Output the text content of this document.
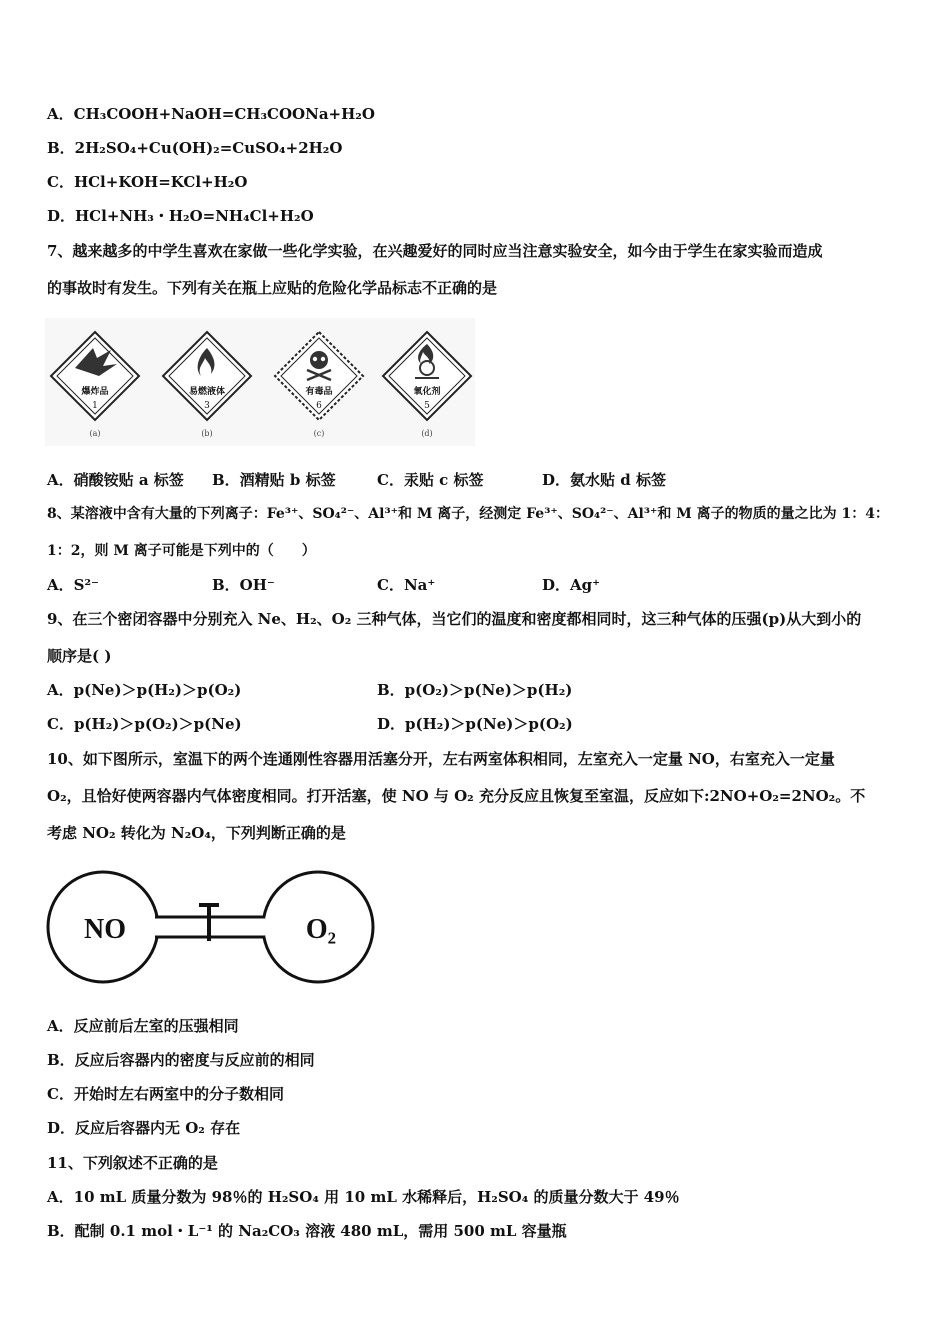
A．CH₃COOH+NaOH=CH₃COONa+H₂O
B．2H₂SO₄+Cu(OH)₂=CuSO₄+2H₂O
C．HCl+KOH=KCl+H₂O
D．HCl+NH₃・H₂O=NH₄Cl+H₂O
7、越来越多的中学生喜欢在家做一些化学实验，在兴趣爱好的同时应当注意实验安全，如今由于学生在家实验而造成
的事故时有发生。下列有关在瓶上应贴的危险化学品标志不正确的是
爆炸品
1
(a)
易燃液体
3
(b)
有毒品
6
(c)
氧化剂
5
(d)
A．硝酸铵贴 a 标签 B．酒精贴 b 标签	C．汞贴 c 标签	D．氨水贴 d 标签
8、某溶液中含有大量的下列离子：Fe³⁺、SO₄²⁻、Al³⁺和 M 离子，经测定 Fe³⁺、SO₄²⁻、Al³⁺和 M 离子的物质的量之比为 1：4：
1：2，则 M 离子可能是下列中的（　　）
A．S²⁻	B．OH⁻	C．Na⁺	D．Ag⁺
9、在三个密闭容器中分别充入 Ne、H₂、O₂ 三种气体，当它们的温度和密度都相同时，这三种气体的压强(p)从大到小的
顺序是( )
A．p(Ne)＞p(H₂)＞p(O₂)	B．p(O₂)＞p(Ne)＞p(H₂)
C．p(H₂)＞p(O₂)＞p(Ne)	D．p(H₂)＞p(Ne)＞p(O₂)
10、如下图所示，室温下的两个连通刚性容器用活塞分开，左右两室体积相同，左室充入一定量 NO，右室充入一定量
O₂，且恰好使两容器内气体密度相同。打开活塞，使 NO 与 O₂ 充分反应且恢复至室温，反应如下:2NO+O₂=2NO₂。不
考虑 NO₂ 转化为 N₂O₄，下列判断正确的是
NO	O₂
A．反应前后左室的压强相同
B．反应后容器内的密度与反应前的相同
C．开始时左右两室中的分子数相同
D．反应后容器内无 O₂ 存在
11、下列叙述不正确的是
A．10 mL 质量分数为 98％的 H₂SO₄ 用 10 mL 水稀释后，H₂SO₄ 的质量分数大于 49％
B．配制 0.1 mol・L⁻¹ 的 Na₂CO₃ 溶液 480 mL，需用 500 mL 容量瓶
